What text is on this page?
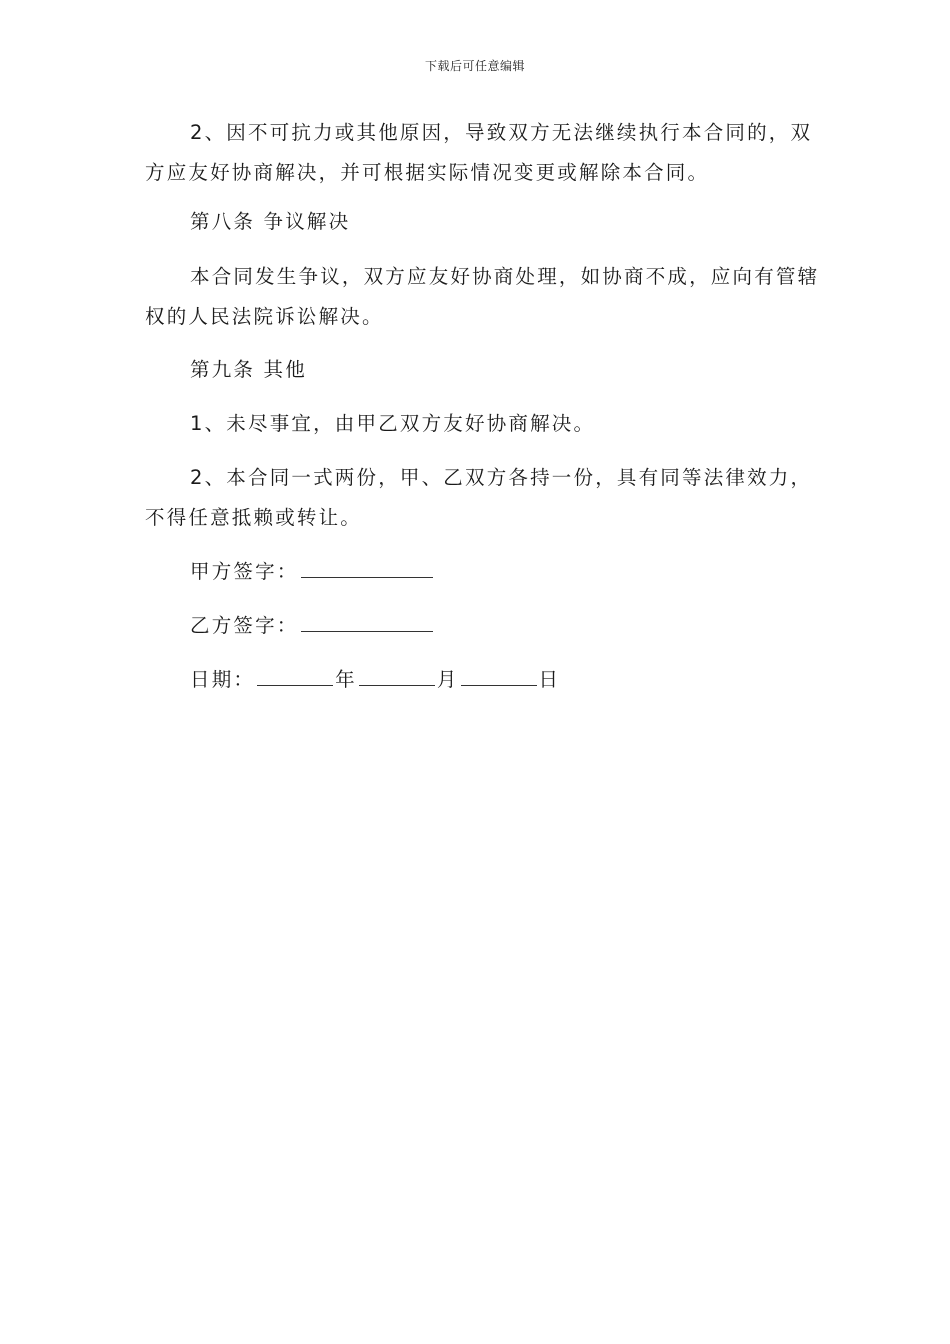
下载后可任意编辑

2、因不可抗力或其他原因，导致双方无法继续执行本合同的，双方应友好协商解决，并可根据实际情况变更或解除本合同。

第八条 争议解决

本合同发生争议，双方应友好协商处理，如协商不成，应向有管辖权的人民法院诉讼解决。

第九条 其他

1、未尽事宜，由甲乙双方友好协商解决。

2、本合同一式两份，甲、乙双方各持一份，具有同等法律效力，不得任意抵赖或转让。

甲方签字：

乙方签字：

日期：	年	月	日
